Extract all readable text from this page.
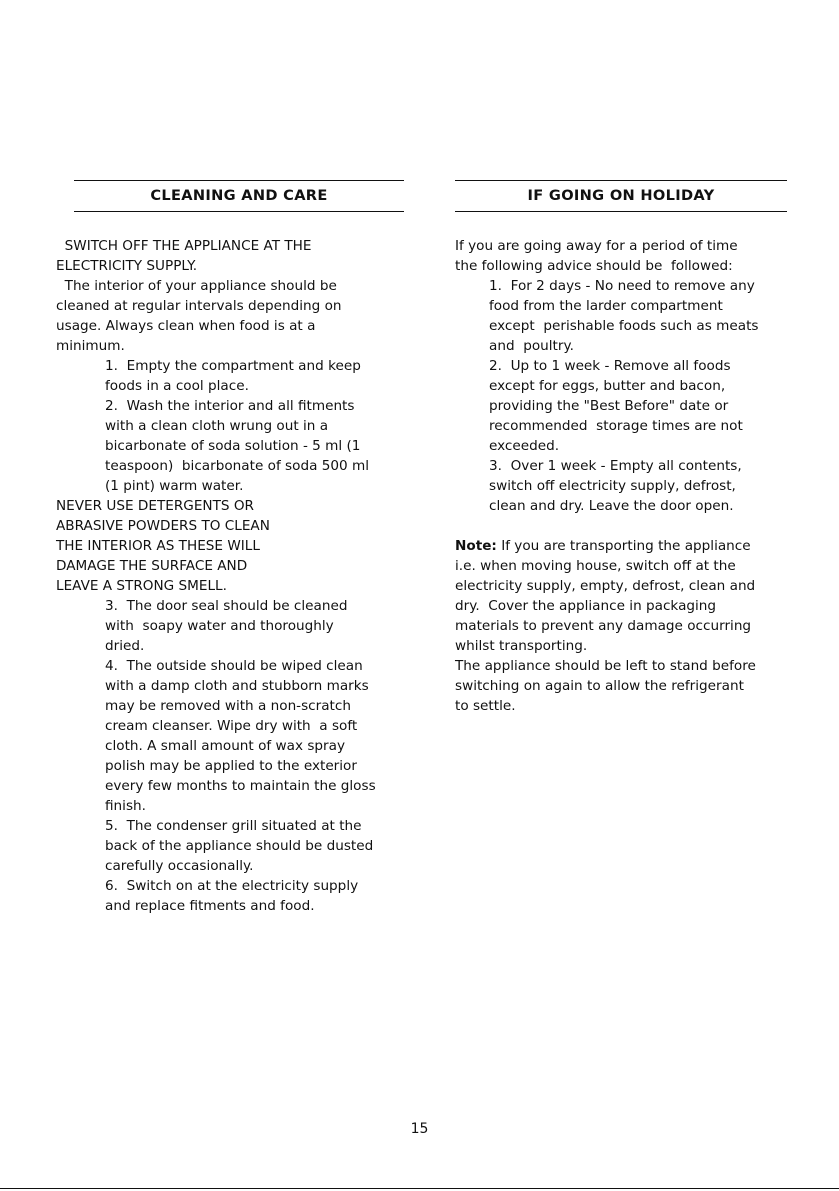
CLEANING AND CARE
SWITCH OFF THE APPLIANCE AT THE
ELECTRICITY SUPPLY.
The interior of your appliance should be
cleaned at regular intervals depending on
usage. Always clean when food is at a
minimum.
1.  Empty the compartment and keep
foods in a cool place.
2.  Wash the interior and all fitments
with a clean cloth wrung out in a
bicarbonate of soda solution - 5 ml (1
teaspoon)  bicarbonate of soda 500 ml
(1 pint) warm water.
NEVER USE DETERGENTS OR
ABRASIVE POWDERS TO CLEAN
THE INTERIOR AS THESE WILL
DAMAGE THE SURFACE AND
LEAVE A STRONG SMELL.
3.  The door seal should be cleaned
with  soapy water and thoroughly
dried.
4.  The outside should be wiped clean
with a damp cloth and stubborn marks
may be removed with a non-scratch
cream cleanser. Wipe dry with  a soft
cloth. A small amount of wax spray
polish may be applied to the exterior
every few months to maintain the gloss
finish.
5.  The condenser grill situated at the
back of the appliance should be dusted
carefully occasionally.
6.  Switch on at the electricity supply
and replace fitments and food.
IF GOING ON HOLIDAY
If you are going away for a period of time
the following advice should be  followed:
1.  For 2 days - No need to remove any
food from the larder compartment
except  perishable foods such as meats
and  poultry.
2.  Up to 1 week - Remove all foods
except for eggs, butter and bacon,
providing the "Best Before" date or
recommended  storage times are not
exceeded.
3.  Over 1 week - Empty all contents,
switch off electricity supply, defrost,
clean and dry. Leave the door open.
Note: If you are transporting the appliance
i.e. when moving house, switch off at the
electricity supply, empty, defrost, clean and
dry.  Cover the appliance in packaging
materials to prevent any damage occurring
whilst transporting.
The appliance should be left to stand before
switching on again to allow the refrigerant
to settle.
15
